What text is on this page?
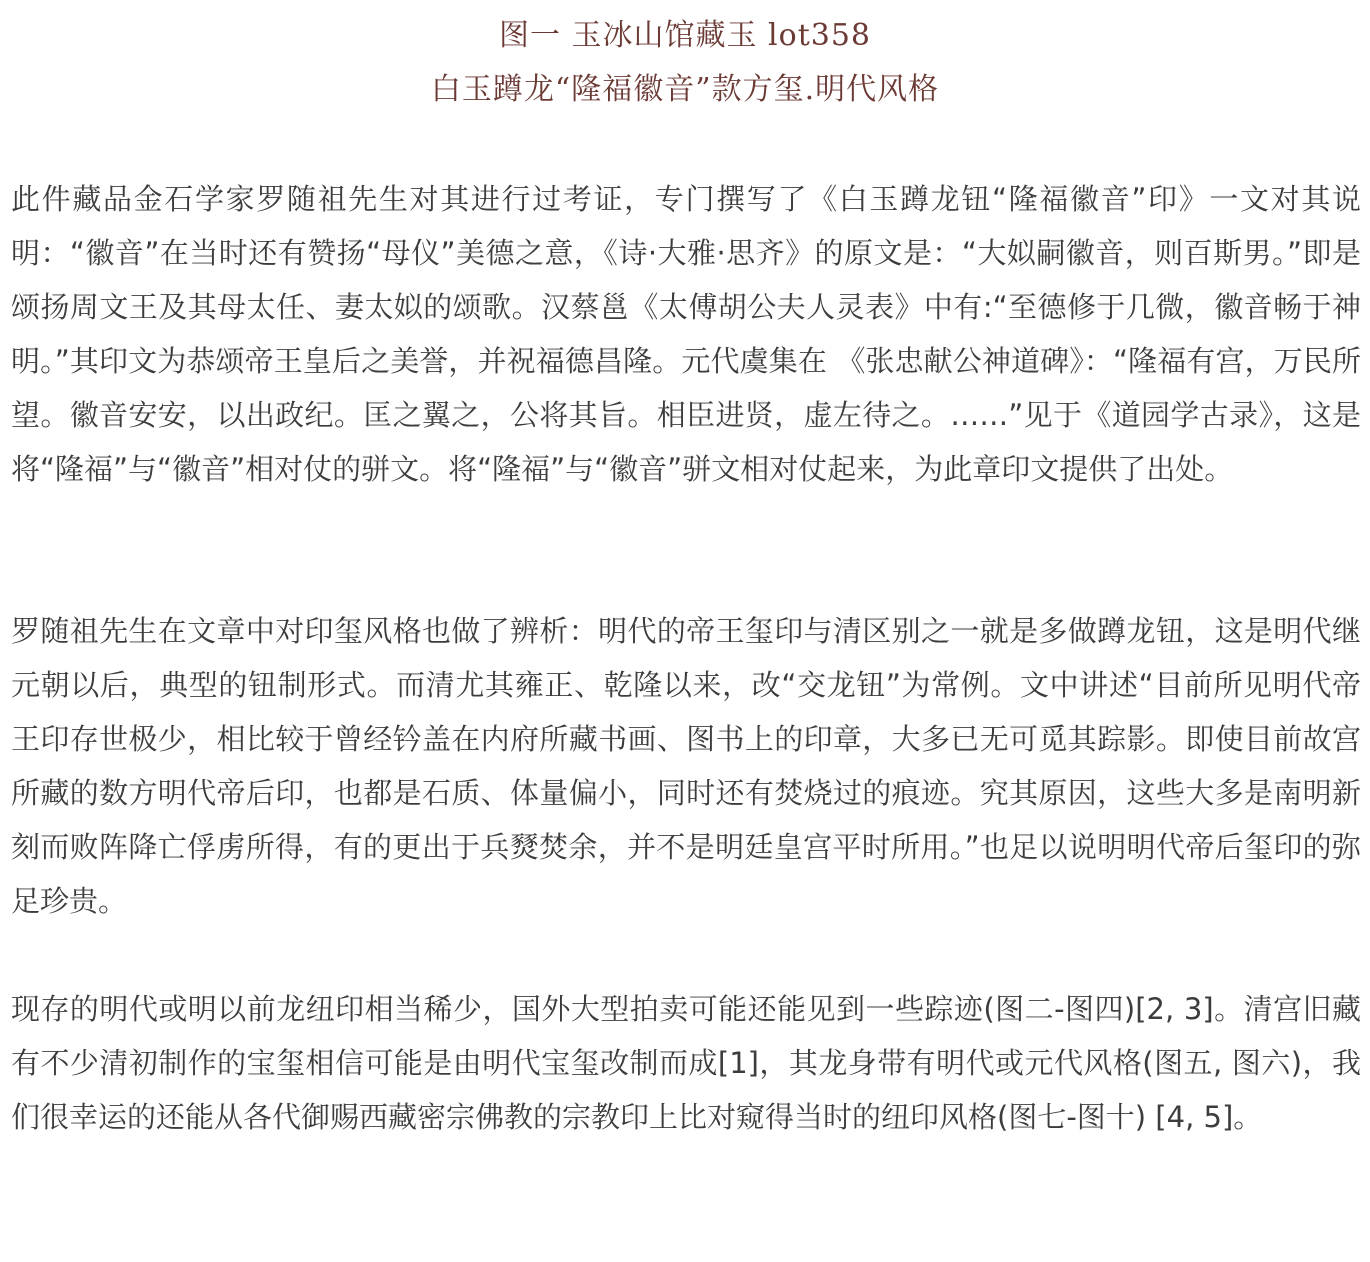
图一 玉冰山馆藏玉 lot358
白玉蹲龙“隆福徽音”款方玺.明代风格

此件藏品金石学家罗随祖先生对其进行过考证，专门撰写了《白玉蹲龙钮“隆福徽音”印》一文对其说明：“徽音”在当时还有赞扬“母仪”美德之意，《诗·大雅·思齐》的原文是：“大姒嗣徽音，则百斯男。”即是颂扬周文王及其母太任、妻太姒的颂歌。汉蔡邕《太傅胡公夫人灵表》中有:“至德修于几微，徽音畅于神明。”其印文为恭颂帝王皇后之美誉，并祝福德昌隆。元代虞集在 《张忠献公神道碑》：“隆福有宫，万民所望。徽音安安，以出政纪。匡之翼之，公将其旨。相臣进贤，虚左待之。……”见于《道园学古录》，这是将“隆福”与“徽音”相对仗的骈文。将“隆福”与“徽音”骈文相对仗起来，为此章印文提供了出处。

罗随祖先生在文章中对印玺风格也做了辨析：明代的帝王玺印与清区别之一就是多做蹲龙钮，这是明代继元朝以后，典型的钮制形式。而清尤其雍正、乾隆以来，改“交龙钮”为常例。文中讲述“目前所见明代帝王印存世极少，相比较于曾经钤盖在内府所藏书画、图书上的印章，大多已无可觅其踪影。即使目前故宫所藏的数方明代帝后印，也都是石质、体量偏小，同时还有焚烧过的痕迹。究其原因，这些大多是南明新刻而败阵降亡俘虏所得，有的更出于兵燹焚余，并不是明廷皇宫平时所用。”也足以说明明代帝后玺印的弥足珍贵。

现存的明代或明以前龙纽印相当稀少，国外大型拍卖可能还能见到一些踪迹(图二-图四)[2, 3]。清宫旧藏有不少清初制作的宝玺相信可能是由明代宝玺改制而成[1]，其龙身带有明代或元代风格(图五, 图六)，我们很幸运的还能从各代御赐西藏密宗佛教的宗教印上比对窥得当时的纽印风格(图七-图十) [4, 5]。
